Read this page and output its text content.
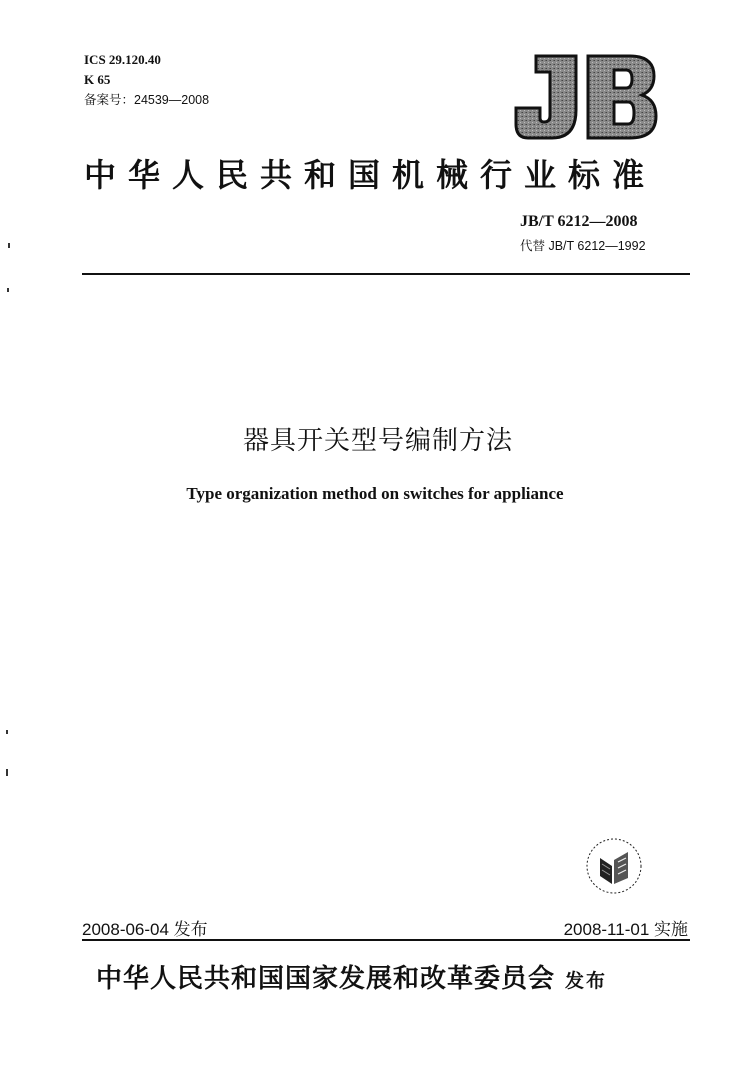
ICS 29.120.40
K 65
备案号：24539—2008
中华人民共和国机械行业标准
JB/T 6212—2008
代替 JB/T 6212—1992
器具开关型号编制方法
Type organization method on switches for appliance
2008-06-04 发布	2008-11-01 实施
中华人民共和国国家发展和改革委员会 发布
